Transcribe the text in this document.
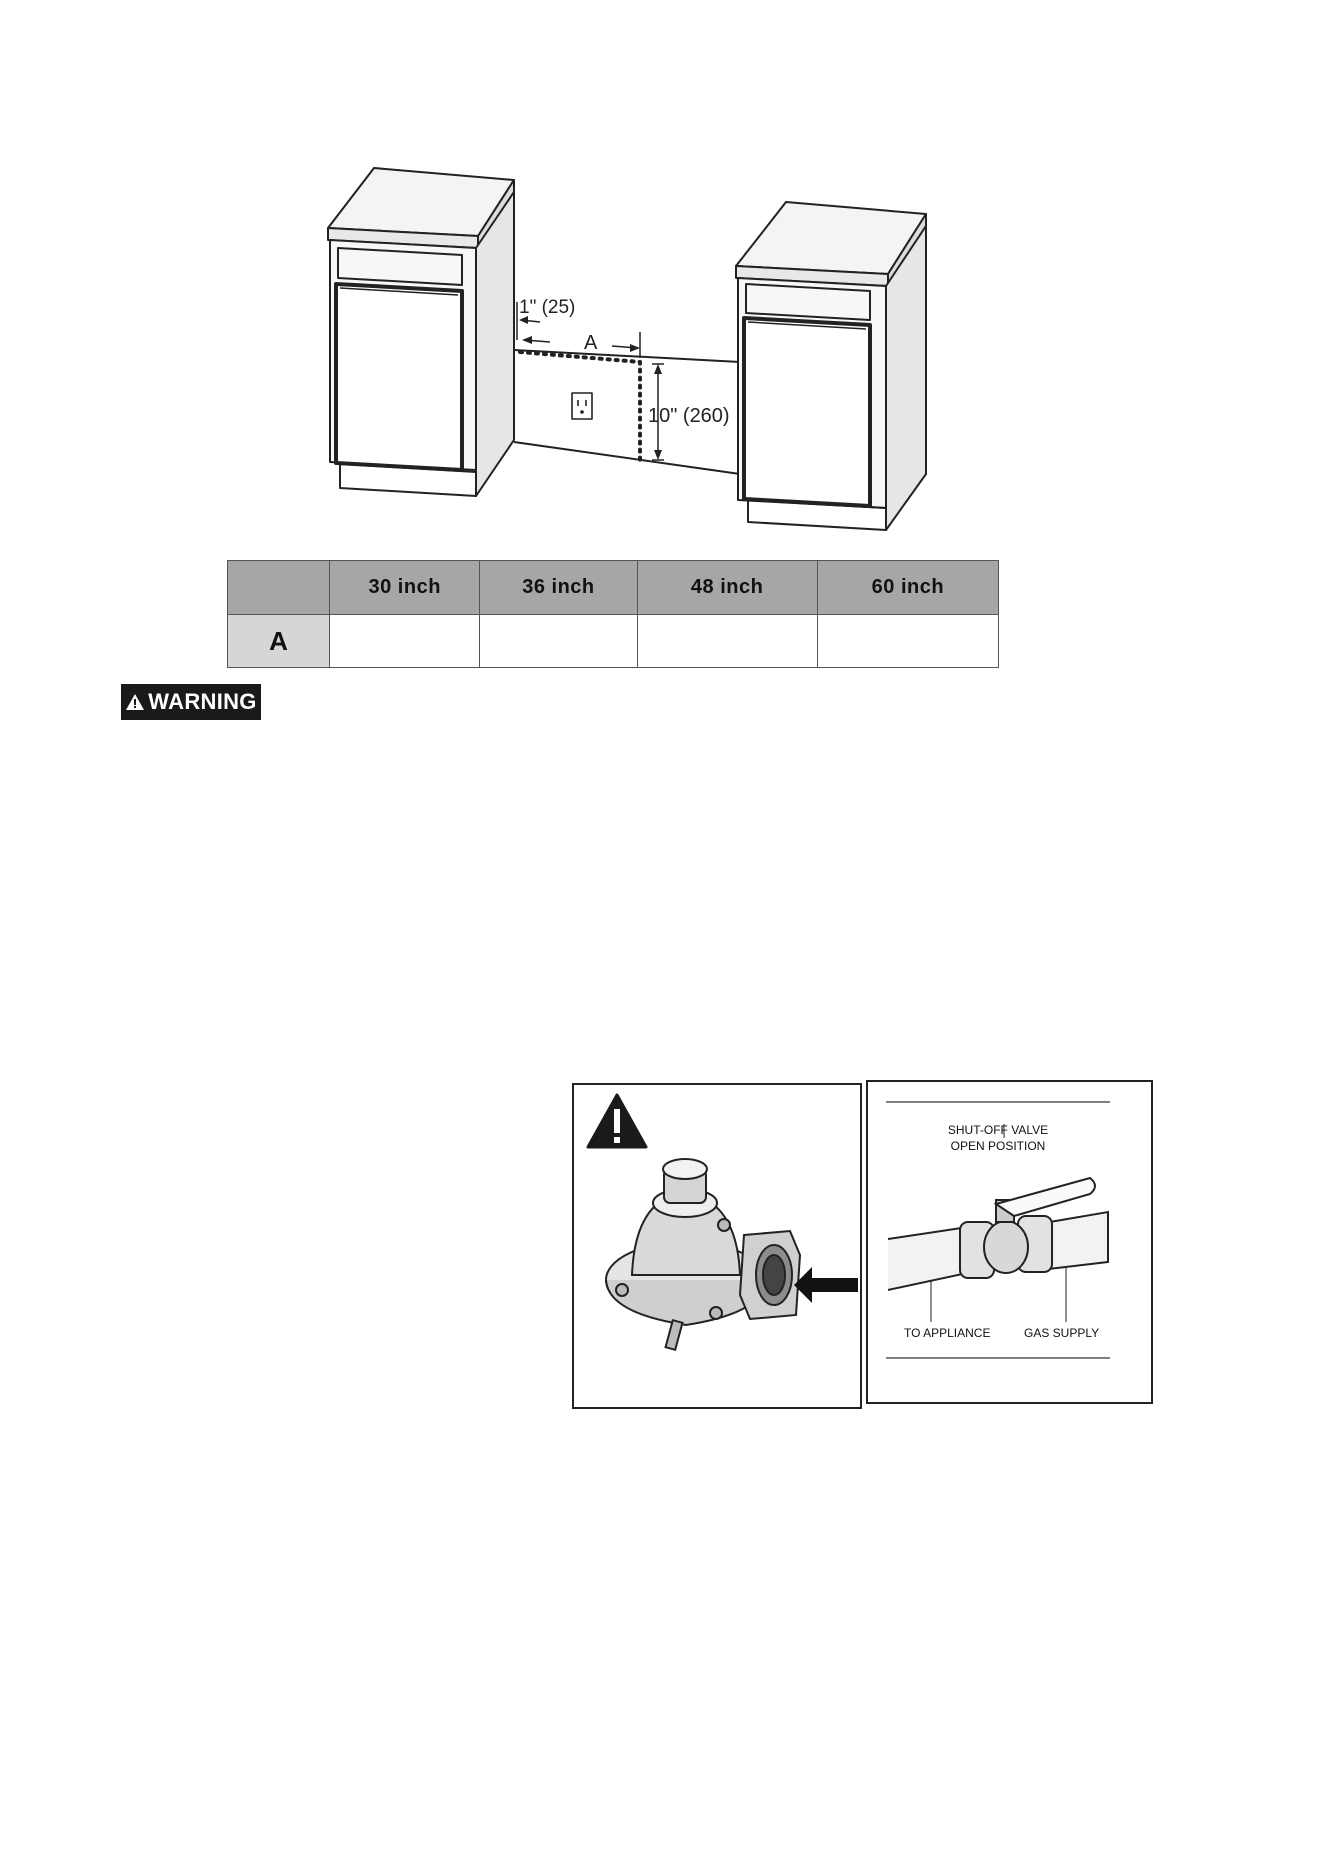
1" (25)
A
10" (260)
	30 inch	36 inch	48 inch	60 inch
A				
WARNING
SHUT-OFF VALVE
OPEN POSITION
TO APPLIANCE	GAS SUPPLY
